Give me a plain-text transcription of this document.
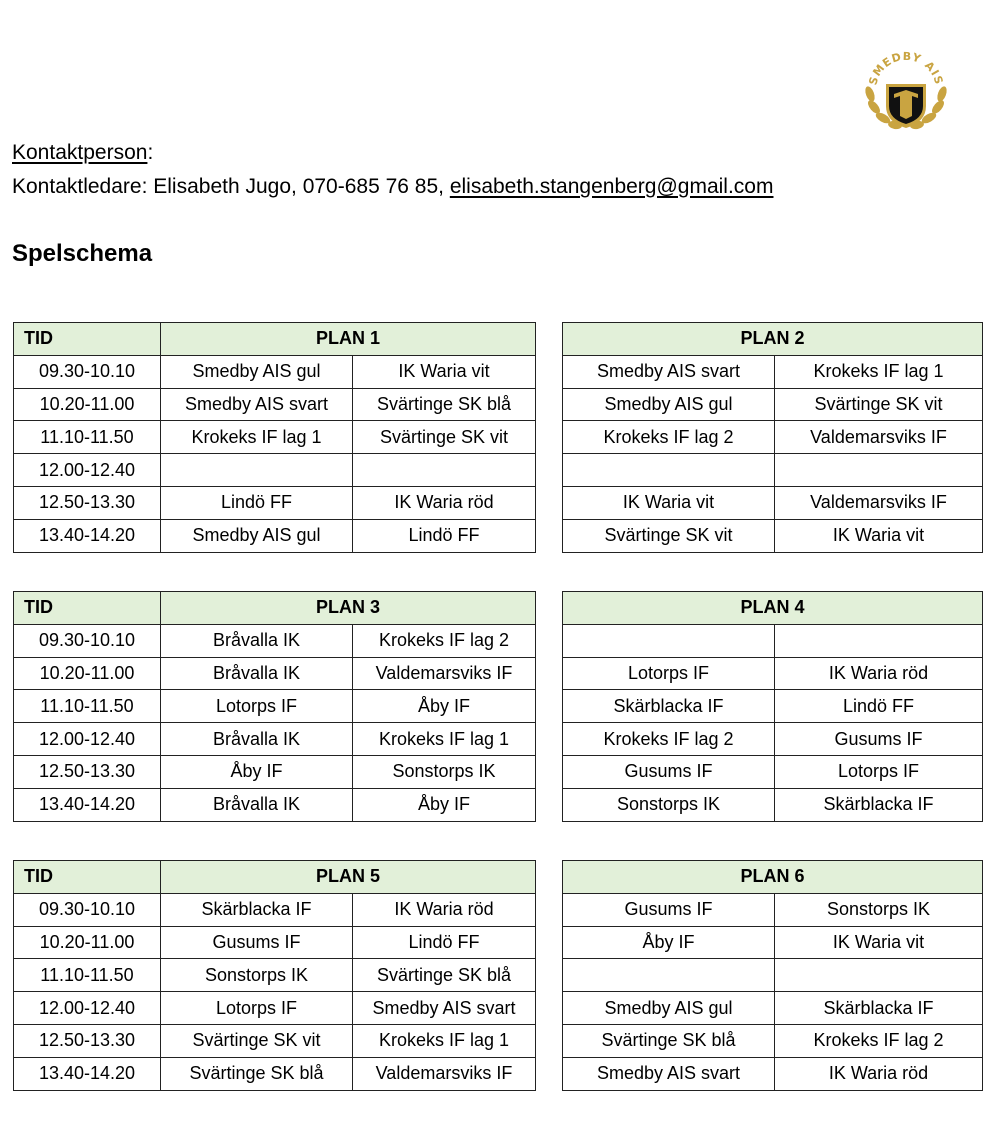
SMEDBY AIS
Kontaktperson:
Kontaktledare: Elisabeth Jugo, 070-685 76 85, elisabeth.stangenberg@gmail.com
Spelschema
TID	PLAN 1	
09.30-10.10	Smedby AIS gul	IK Waria vit
10.20-11.00	Smedby AIS svart	Svärtinge SK blå
11.10-11.50	Krokeks IF lag 1	Svärtinge SK vit
12.00-12.40		
12.50-13.30	Lindö FF	IK Waria röd
13.40-14.20	Smedby AIS gul	Lindö FF
PLAN 2	
Smedby AIS svart	Krokeks IF lag 1
Smedby AIS gul	Svärtinge SK vit
Krokeks IF lag 2	Valdemarsviks IF

IK Waria vit	Valdemarsviks IF
Svärtinge SK vit	IK Waria vit
TID	PLAN 3	
09.30-10.10	Bråvalla IK	Krokeks IF lag 2
10.20-11.00	Bråvalla IK	Valdemarsviks IF
11.10-11.50	Lotorps IF	Åby IF
12.00-12.40	Bråvalla IK	Krokeks IF lag 1
12.50-13.30	Åby IF	Sonstorps IK
13.40-14.20	Bråvalla IK	Åby IF
PLAN 4	

Lotorps IF	IK Waria röd
Skärblacka IF	Lindö FF
Krokeks IF lag 2	Gusums IF
Gusums IF	Lotorps IF
Sonstorps IK	Skärblacka IF
TID	PLAN 5	
09.30-10.10	Skärblacka IF	IK Waria röd
10.20-11.00	Gusums IF	Lindö FF
11.10-11.50	Sonstorps IK	Svärtinge SK blå
12.00-12.40	Lotorps IF	Smedby AIS svart
12.50-13.30	Svärtinge SK vit	Krokeks IF lag 1
13.40-14.20	Svärtinge SK blå	Valdemarsviks IF
PLAN 6	
Gusums IF	Sonstorps IK
Åby IF	IK Waria vit

Smedby AIS gul	Skärblacka IF
Svärtinge SK blå	Krokeks IF lag 2
Smedby AIS svart	IK Waria röd
